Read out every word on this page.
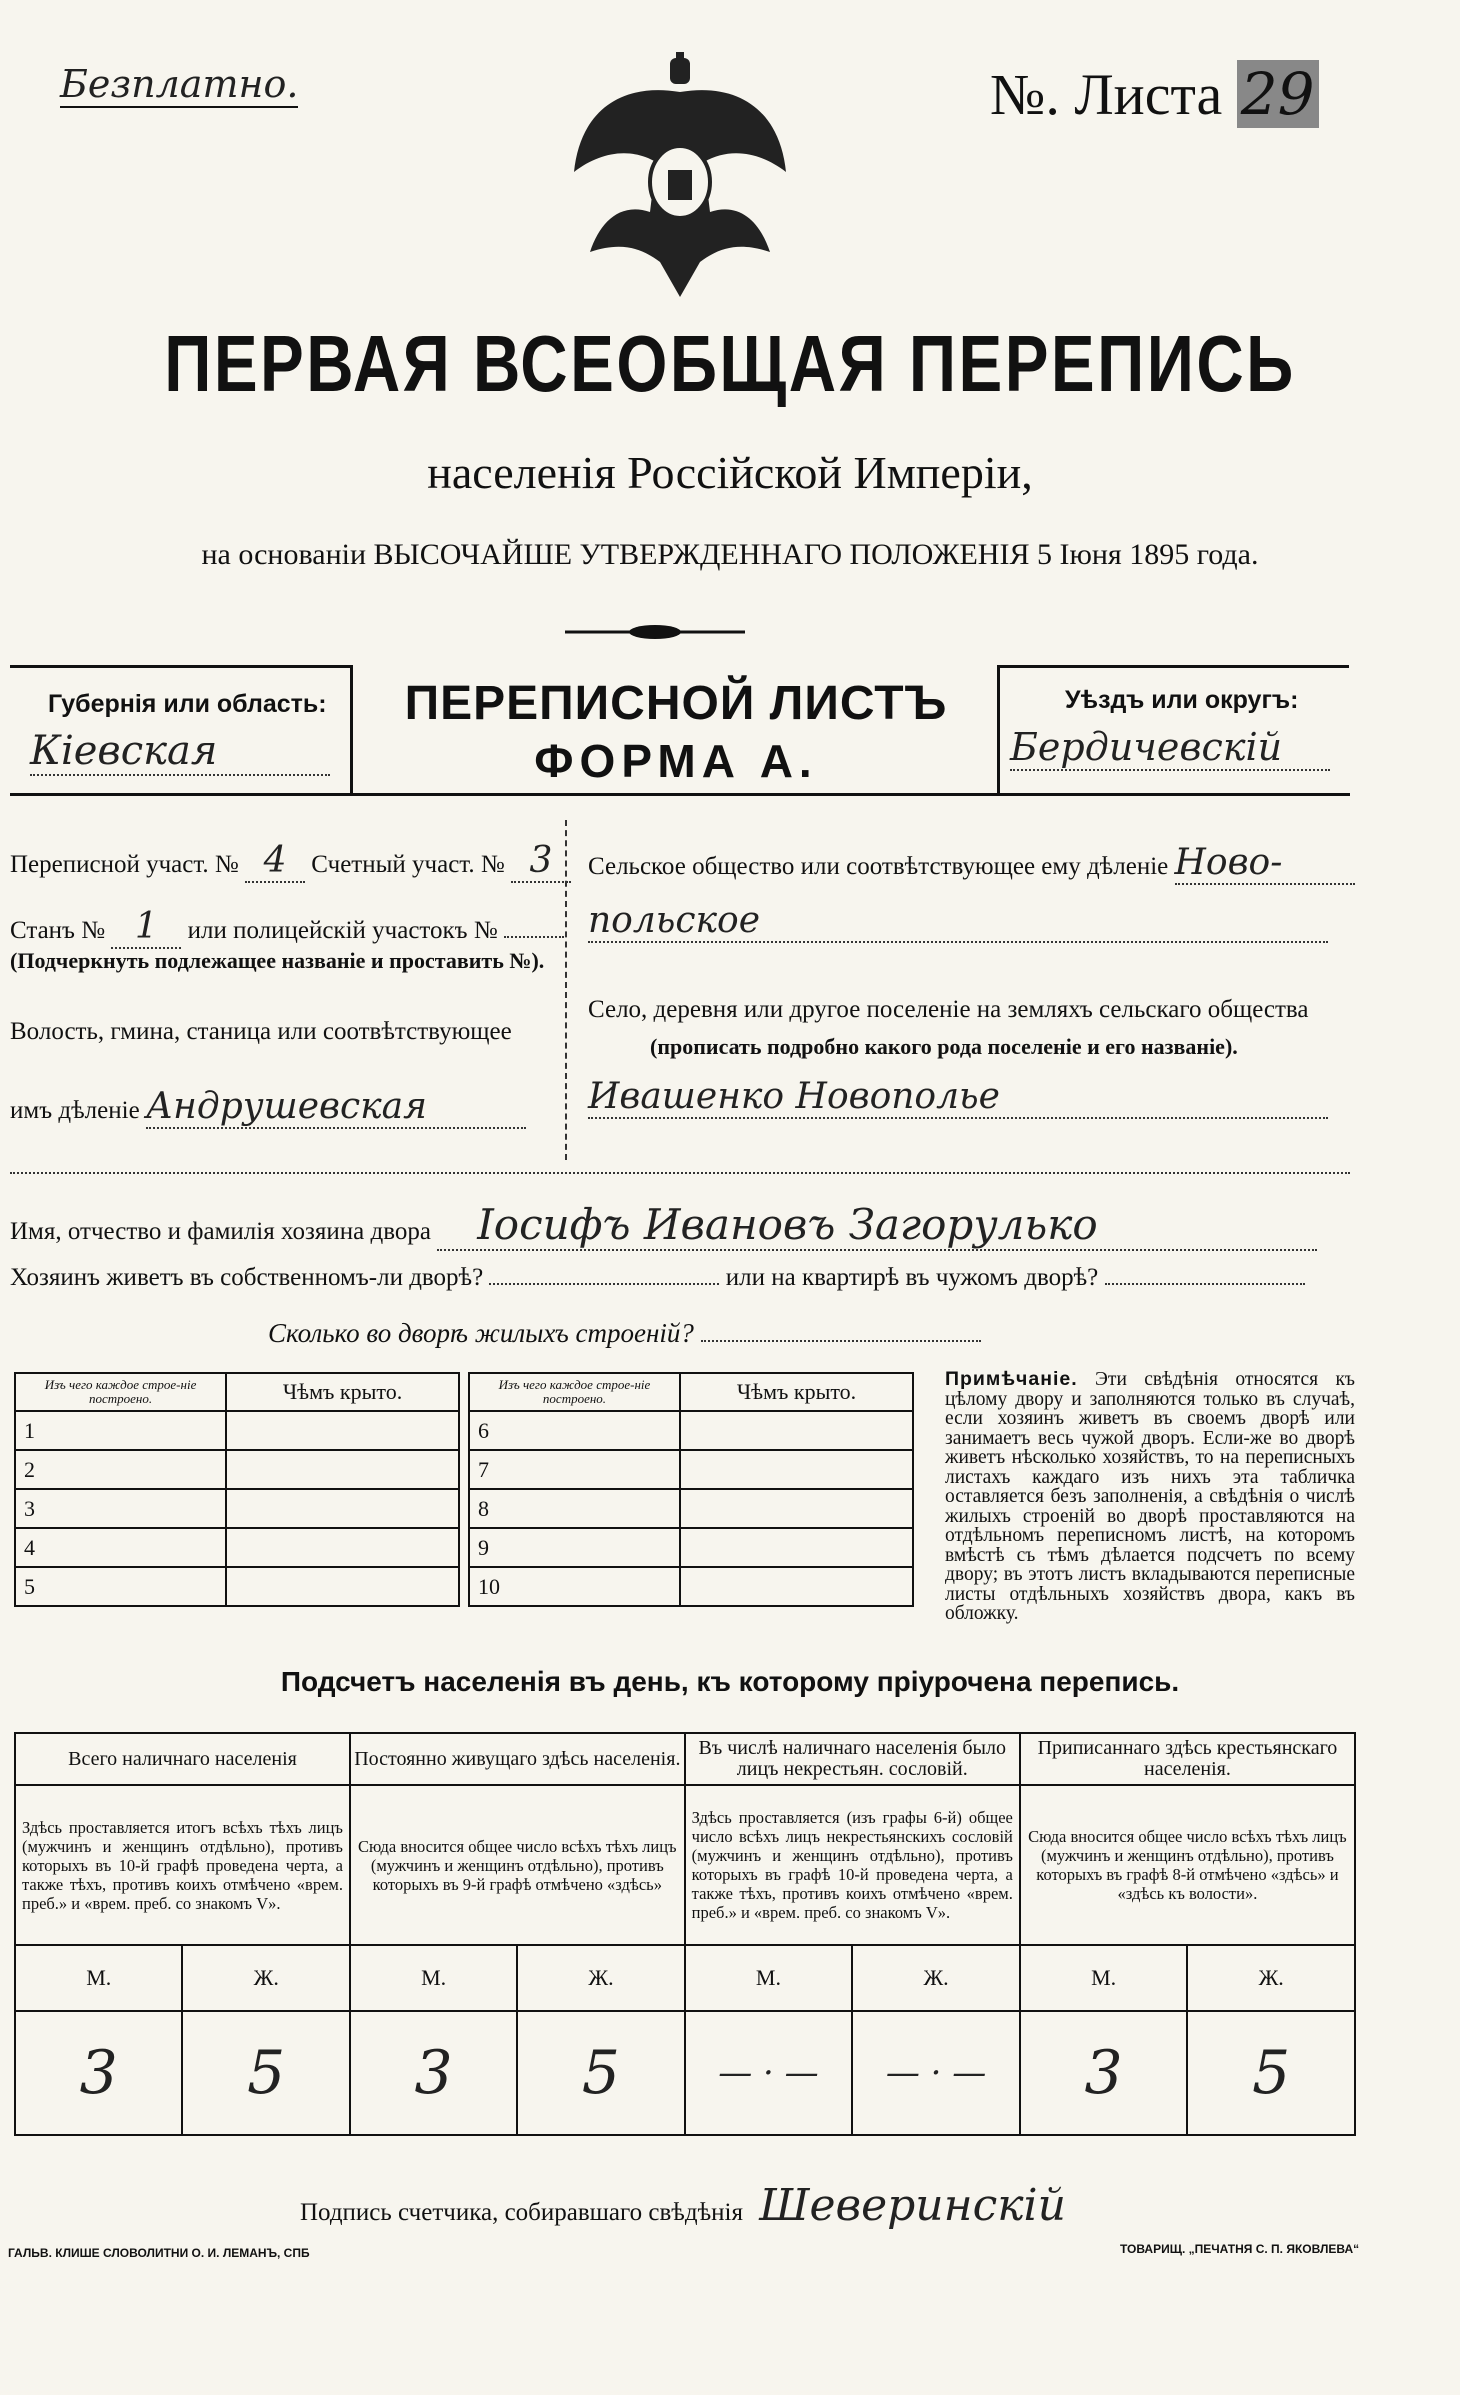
Безплатно.	№. Листа 29
ПЕРВАЯ ВСЕОБЩАЯ ПЕРЕПИСЬ
населенія Россійской Имперіи,
на основаніи ВЫСОЧАЙШЕ УТВЕРЖДЕННАГО ПОЛОЖЕНІЯ 5 Іюня 1895 года.
Губернія или область:
Кіевская
ПЕРЕПИСНОЙ ЛИСТЪ
ФОРМА А.
Уѣздъ или округъ:
Бердичевскій
Переписной участ. № 4 Счетный участ. № 3
Станъ № 1 или полицейскій участокъ №
(Подчеркнуть подлежащее названіе и проставить №).
Волость, гмина, станица или соотвѣтствующее
имъ дѣленіе Андрушевская
Сельское общество или соотвѣтствующее ему дѣленіе Ново-
польское
Село, деревня или другое поселеніе на земляхъ сельскаго общества
(прописать подробно какого рода поселеніе и его названіе).
Ивашенко Новополье
Имя, отчество и фамилія хозяина двора Іосифъ Ивановъ Загорулько
Хозяинъ живетъ въ собственномъ-ли дворѣ?	или на квартирѣ въ чужомъ дворѣ?
Сколько во дворѣ жилыхъ строеній?
Изъ чего каждое строе-ніе построено.	Чѣмъ крыто.		Изъ чего каждое строе-ніе построено.	Чѣмъ крыто.
1			6	
2			7	
3			8	
4			9	
5			10	
Примѣчаніе. Эти свѣдѣнія относятся къ цѣлому двору и заполняются только въ случаѣ, если хозяинъ живетъ въ своемъ дворѣ или занимаетъ весь чужой дворъ. Если-же во дворѣ живетъ нѣсколько хозяйствъ, то на переписныхъ листахъ каждаго изъ нихъ эта табличка оставляется безъ заполненія, а свѣдѣнія о числѣ жилыхъ строеній во дворѣ проставляются на отдѣльномъ переписномъ листѣ, на которомъ вмѣстѣ съ тѣмъ дѣлается подсчетъ по всему двору; въ этотъ листъ вкладываются переписные листы отдѣльныхъ хозяйствъ двора, какъ въ обложку.
Подсчетъ населенія въ день, къ которому пріурочена перепись.
Всего наличнаго населенія		Постоянно живущаго здѣсь населенія.		Въ числѣ наличнаго населенія было лицъ некрестьян. сословій.		Приписаннаго здѣсь крестьянскаго населенія.	
Здѣсь проставляется итогъ всѣхъ тѣхъ лицъ (мужчинъ и женщинъ отдѣльно), противъ которыхъ въ 10-й графѣ проведена черта, а также тѣхъ, противъ коихъ отмѣчено «врем. преб.» и «врем. преб. со знакомъ V».		Сюда вносится общее число всѣхъ тѣхъ лицъ (мужчинъ и женщинъ отдѣльно), противъ которыхъ въ 9-й графѣ отмѣчено «здѣсь»		Здѣсь проставляется (изъ графы 6-й) общее число всѣхъ лицъ некрестьянскихъ сословій (мужчинъ и женщинъ отдѣльно), противъ которыхъ въ графѣ 10-й проведена черта, а также тѣхъ, противъ коихъ отмѣчено «врем. преб.» и «врем. преб. со знакомъ V».		Сюда вносится общее число всѣхъ тѣхъ лицъ (мужчинъ и женщинъ отдѣльно), противъ которыхъ въ графѣ 8-й отмѣчено «здѣсь» и «здѣсь къ волости».	
М.	Ж.	М.	Ж.	М.	Ж.	М.	Ж.
3	5	3	5	— · —	— · —	3	5
Подпись счетчика, собиравшаго свѣдѣнія Шеверинскій
ГАЛЬВ. КЛИШЕ СЛОВОЛИТНИ О. И. ЛЕМАНЪ, СПБ	ТОВАРИЩ. „ПЕЧАТНЯ С. П. ЯКОВЛЕВА“
